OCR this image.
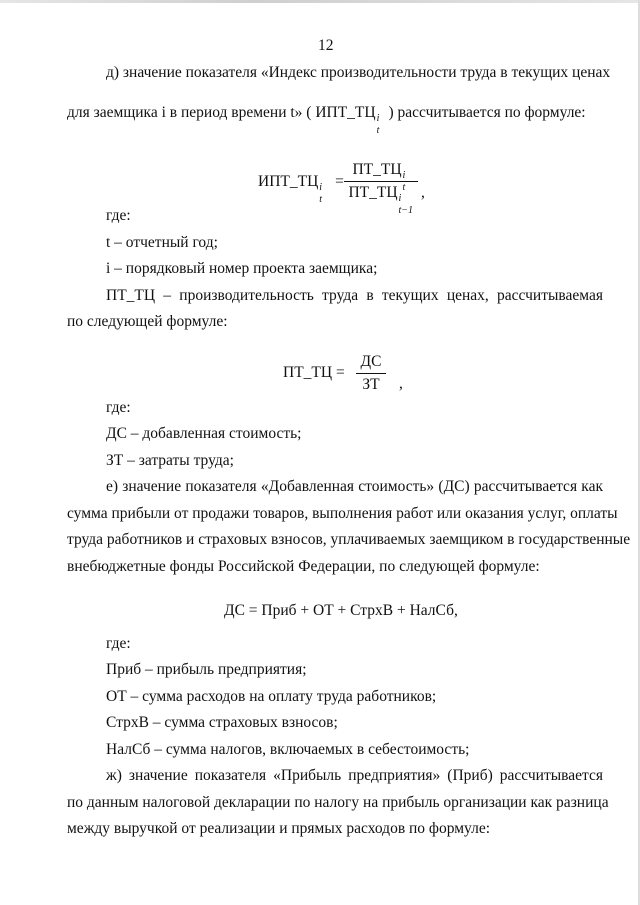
12
д) значение показателя «Индекс производительности труда в текущих ценах
для заемщика i в период времени t» ( ИПТ_ТЦ i
t
) рассчитывается по формуле:
ИПТ_ТЦ i
t
=
ПТ_ТЦ i
t
ПТ_ТЦ i
t−1
,
где:
t – отчетный год;
i – порядковый номер проекта заемщика;
ПТ_ТЦ – производительность труда в текущих ценах, рассчитываемая
по следующей формуле:
ПТ_ТЦ =
ДС
ЗТ	,
где:
ДС – добавленная стоимость;
ЗТ – затраты труда;
е) значение показателя «Добавленная стоимость» (ДС) рассчитывается как
сумма прибыли от продажи товаров, выполнения работ или оказания услуг, оплаты
труда работников и страховых взносов, уплачиваемых заемщиком в государственные
внебюджетные фонды Российской Федерации, по следующей формуле:
ДС = Приб + ОТ + СтрхВ + НалСб,
где:
Приб – прибыль предприятия;
ОТ – сумма расходов на оплату труда работников;
СтрхВ – сумма страховых взносов;
НалСб – сумма налогов, включаемых в себестоимость;
ж) значение показателя «Прибыль предприятия» (Приб) рассчитывается
по данным налоговой декларации по налогу на прибыль организации как разница
между выручкой от реализации и прямых расходов по формуле:
